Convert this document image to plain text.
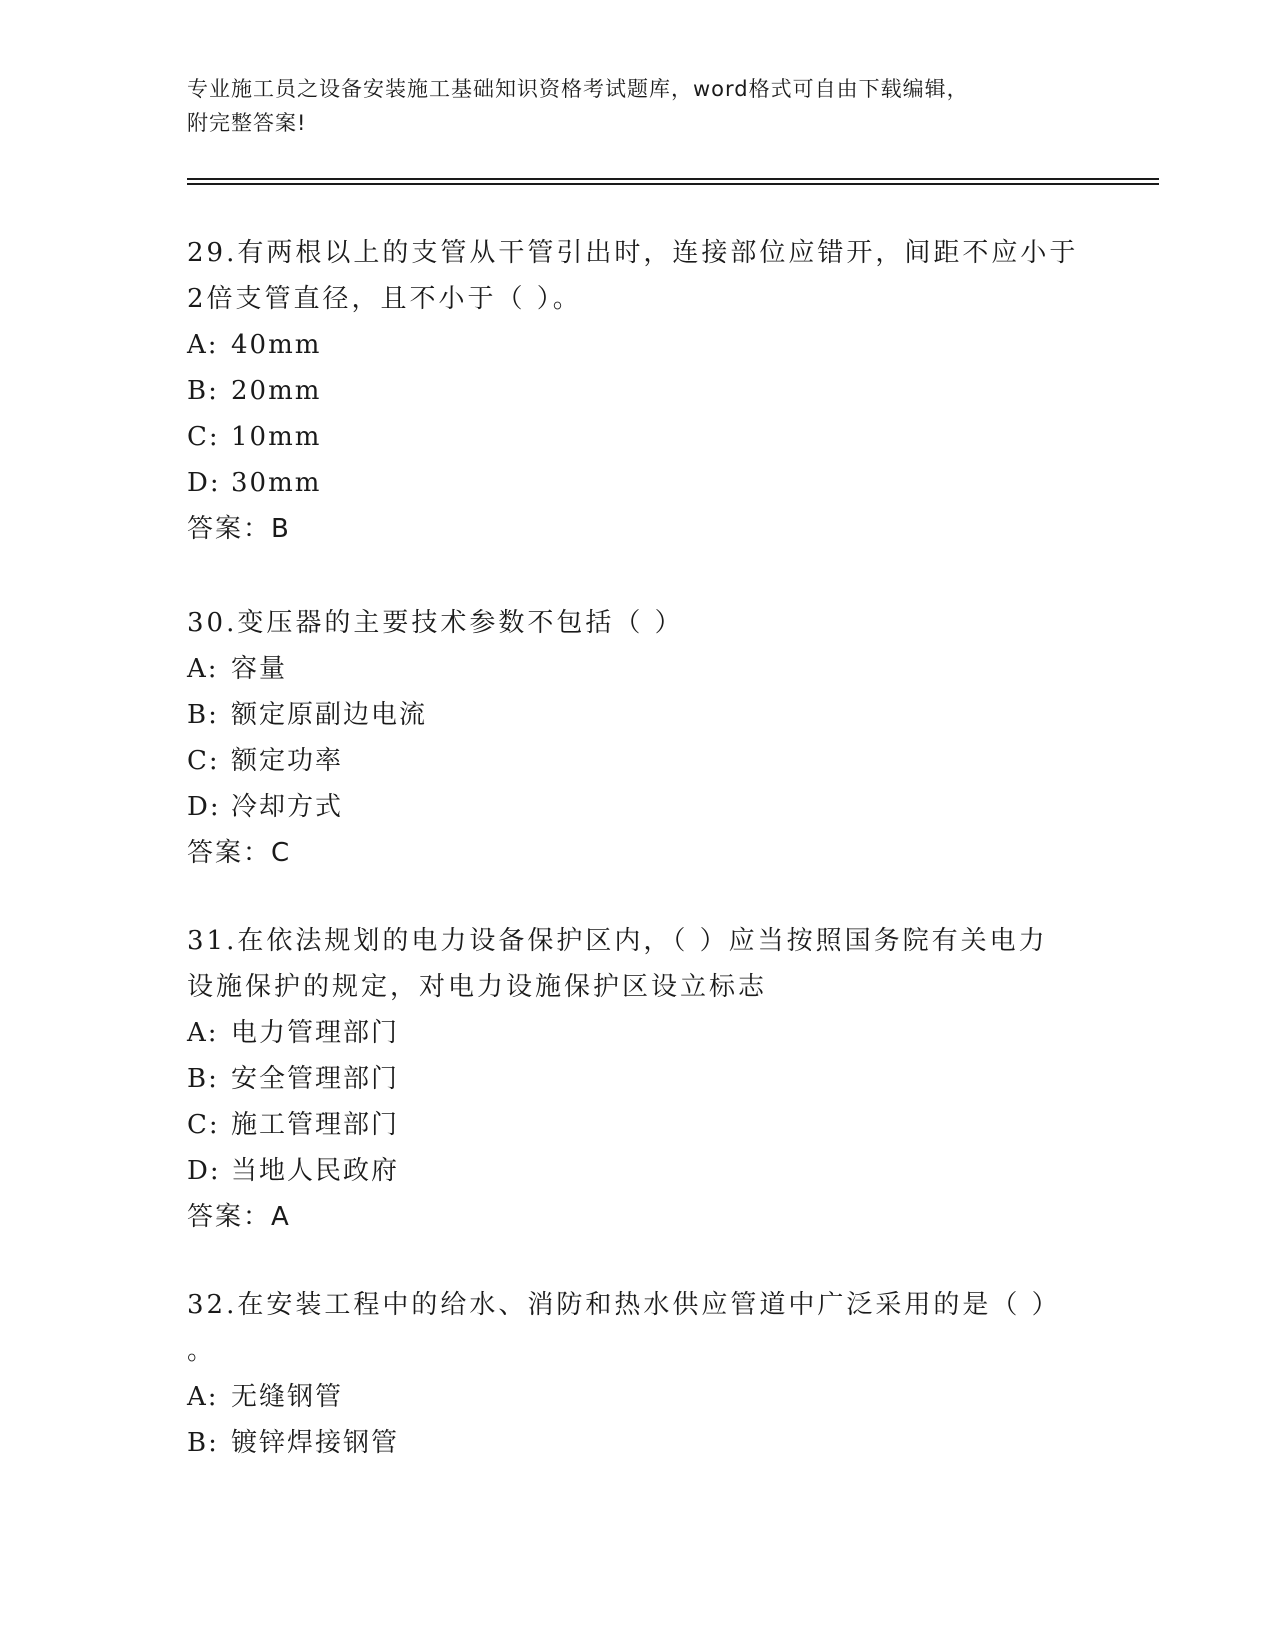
专业施工员之设备安装施工基础知识资格考试题库，word格式可自由下载编辑，
附完整答案!

29.有两根以上的支管从干管引出时，连接部位应错开，间距不应小于

2倍支管直径，且不小于（ ）。

A: 40mm

B: 20mm

C: 10mm

D: 30mm

答案：B

30.变压器的主要技术参数不包括（ ）

A: 容量

B: 额定原副边电流

C: 额定功率

D: 冷却方式

答案：C

31.在依法规划的电力设备保护区内，（ ）应当按照国务院有关电力

设施保护的规定，对电力设施保护区设立标志

A: 电力管理部门

B: 安全管理部门

C: 施工管理部门

D: 当地人民政府

答案：A

32.在安装工程中的给水、消防和热水供应管道中广泛采用的是（ ）

。

A: 无缝钢管

B: 镀锌焊接钢管
